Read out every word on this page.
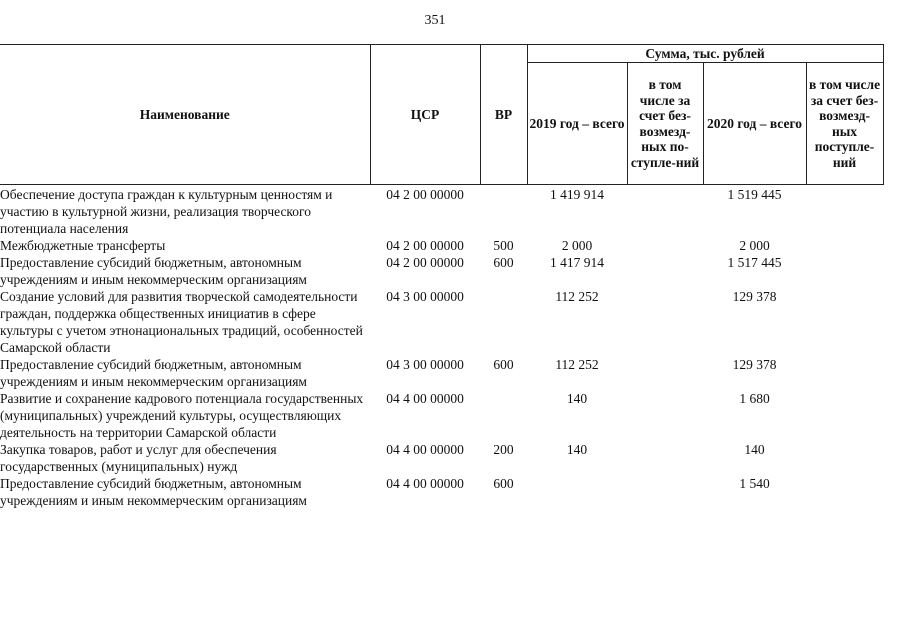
351
Наименование	ЦСР	ВР	Сумма, тыс. рублей			
			2019 год – всего	в том числе за счет без-возмезд-ных по-ступле-ний	2020 год – всего	в том числе за счет без-возмезд-ных поступле-ний
Обеспечение доступа граждан к культурным ценностям и участию в культурной жизни, реализация творческого потенциала населения	04 2 00 00000		1 419 914		1 519 445	
Межбюджетные трансферты	04 2 00 00000	500	2 000		2 000	
Предоставление субсидий бюджетным, автономным учреждениям и иным некоммерческим организациям	04 2 00 00000	600	1 417 914		1 517 445	
Создание условий для развития творческой самодеятельности граждан, поддержка общественных инициатив в сфере культуры с учетом этнонациональных традиций, особенностей Самарской области	04 3 00 00000		112 252		129 378	
Предоставление субсидий бюджетным, автономным учреждениям и иным некоммерческим организациям	04 3 00 00000	600	112 252		129 378	
Развитие и сохранение кадрового потенциала государственных (муниципальных) учреждений культуры, осуществляющих деятельность на территории Самарской области	04 4 00 00000		140		1 680	
Закупка товаров, работ и услуг для обеспечения государственных (муниципальных) нужд	04 4 00 00000	200	140		140	
Предоставление субсидий бюджетным, автономным учреждениям и иным некоммерческим организациям	04 4 00 00000	600			1 540	
